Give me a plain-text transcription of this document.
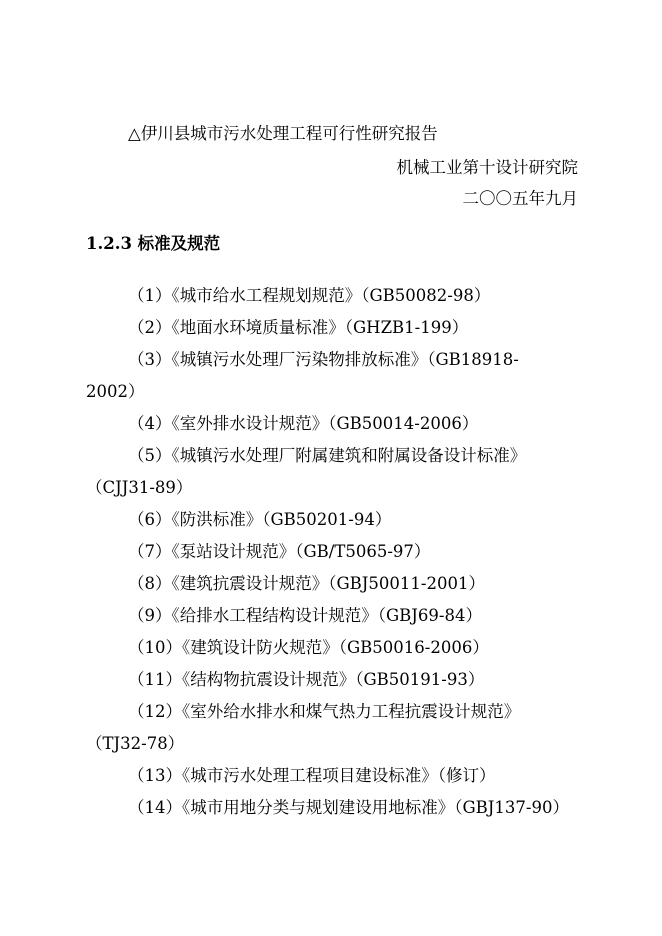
△伊川县城市污水处理工程可行性研究报告
机械工业第十设计研究院
二〇〇五年九月
1.2.3 标准及规范
（1）《城市给水工程规划规范》（GB50082-98）
（2）《地面水环境质量标准》（GHZB1-199）
（3）《城镇污水处理厂污染物排放标准》（GB18918-
2002）
（4）《室外排水设计规范》（GB50014-2006）
（5）《城镇污水处理厂附属建筑和附属设备设计标准》
（CJJ31-89）
（6）《防洪标准》（GB50201-94）
（7）《泵站设计规范》（GB/T5065-97）
（8）《建筑抗震设计规范》（GBJ50011-2001）
（9）《给排水工程结构设计规范》（GBJ69-84）
（10）《建筑设计防火规范》（GB50016-2006）
（11）《结构物抗震设计规范》（GB50191-93）
（12）《室外给水排水和煤气热力工程抗震设计规范》
（TJ32-78）
（13）《城市污水处理工程项目建设标准》（修订）
（14）《城市用地分类与规划建设用地标准》（GBJ137-90）
